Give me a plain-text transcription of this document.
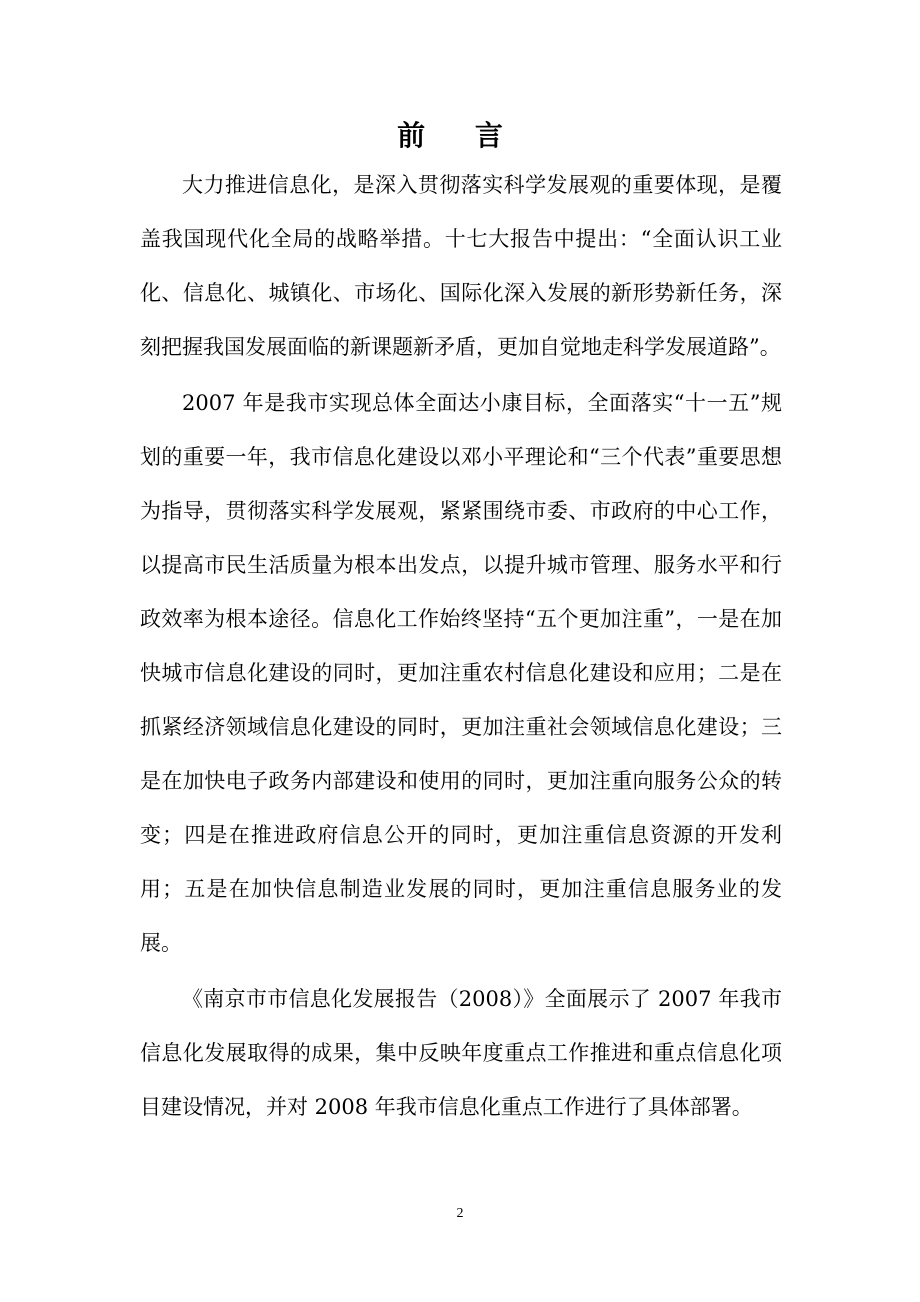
前 言

大力推进信息化，是深入贯彻落实科学发展观的重要体现，是覆盖我国现代化全局的战略举措。十七大报告中提出：“全面认识工业化、信息化、城镇化、市场化、国际化深入发展的新形势新任务，深刻把握我国发展面临的新课题新矛盾，更加自觉地走科学发展道路”。

2007 年是我市实现总体全面达小康目标，全面落实“十一五”规划的重要一年，我市信息化建设以邓小平理论和“三个代表”重要思想为指导，贯彻落实科学发展观，紧紧围绕市委、市政府的中心工作，以提高市民生活质量为根本出发点，以提升城市管理、服务水平和行政效率为根本途径。信息化工作始终坚持“五个更加注重”，一是在加快城市信息化建设的同时，更加注重农村信息化建设和应用；二是在抓紧经济领域信息化建设的同时，更加注重社会领域信息化建设；三是在加快电子政务内部建设和使用的同时，更加注重向服务公众的转变；四是在推进政府信息公开的同时，更加注重信息资源的开发利用；五是在加快信息制造业发展的同时，更加注重信息服务业的发展。

《南京市市信息化发展报告（2008）》全面展示了 2007 年我市信息化发展取得的成果，集中反映年度重点工作推进和重点信息化项目建设情况，并对 2008 年我市信息化重点工作进行了具体部署。

2
